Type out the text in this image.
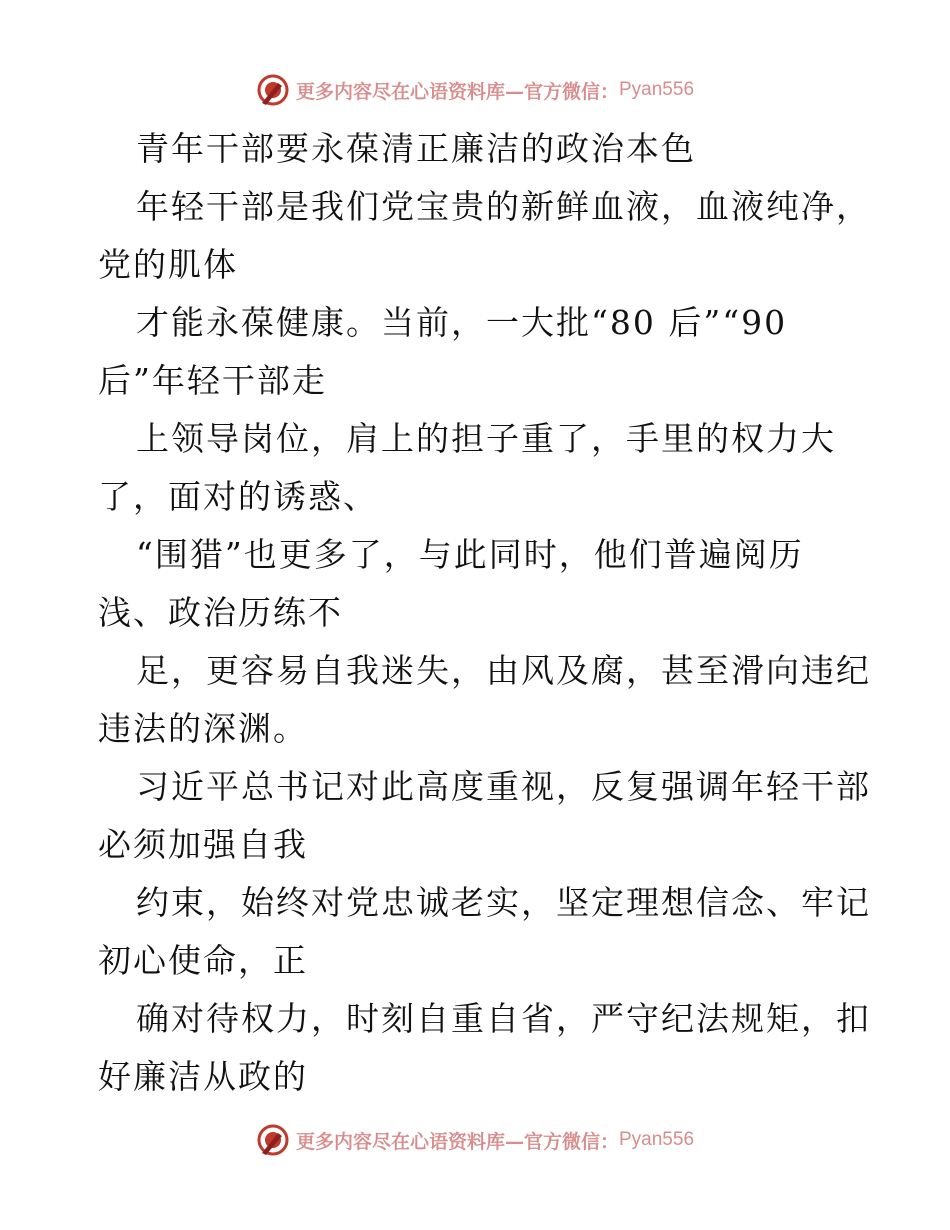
更多内容尽在心语资料库—官方微信： Pyan556
青年干部要永葆清正廉洁的政治本色
年轻干部是我们党宝贵的新鲜血液，血液纯净，
党的肌体
才能永葆健康。当前，一大批“80 后”“90
后”年轻干部走
上领导岗位，肩上的担子重了，手里的权力大
了，面对的诱惑、
“围猎”也更多了，与此同时，他们普遍阅历
浅、政治历练不
足，更容易自我迷失，由风及腐，甚至滑向违纪
违法的深渊。
习近平总书记对此高度重视，反复强调年轻干部
必须加强自我
约束，始终对党忠诚老实，坚定理想信念、牢记
初心使命，正
确对待权力，时刻自重自省，严守纪法规矩，扣
好廉洁从政的
更多内容尽在心语资料库—官方微信： Pyan556
